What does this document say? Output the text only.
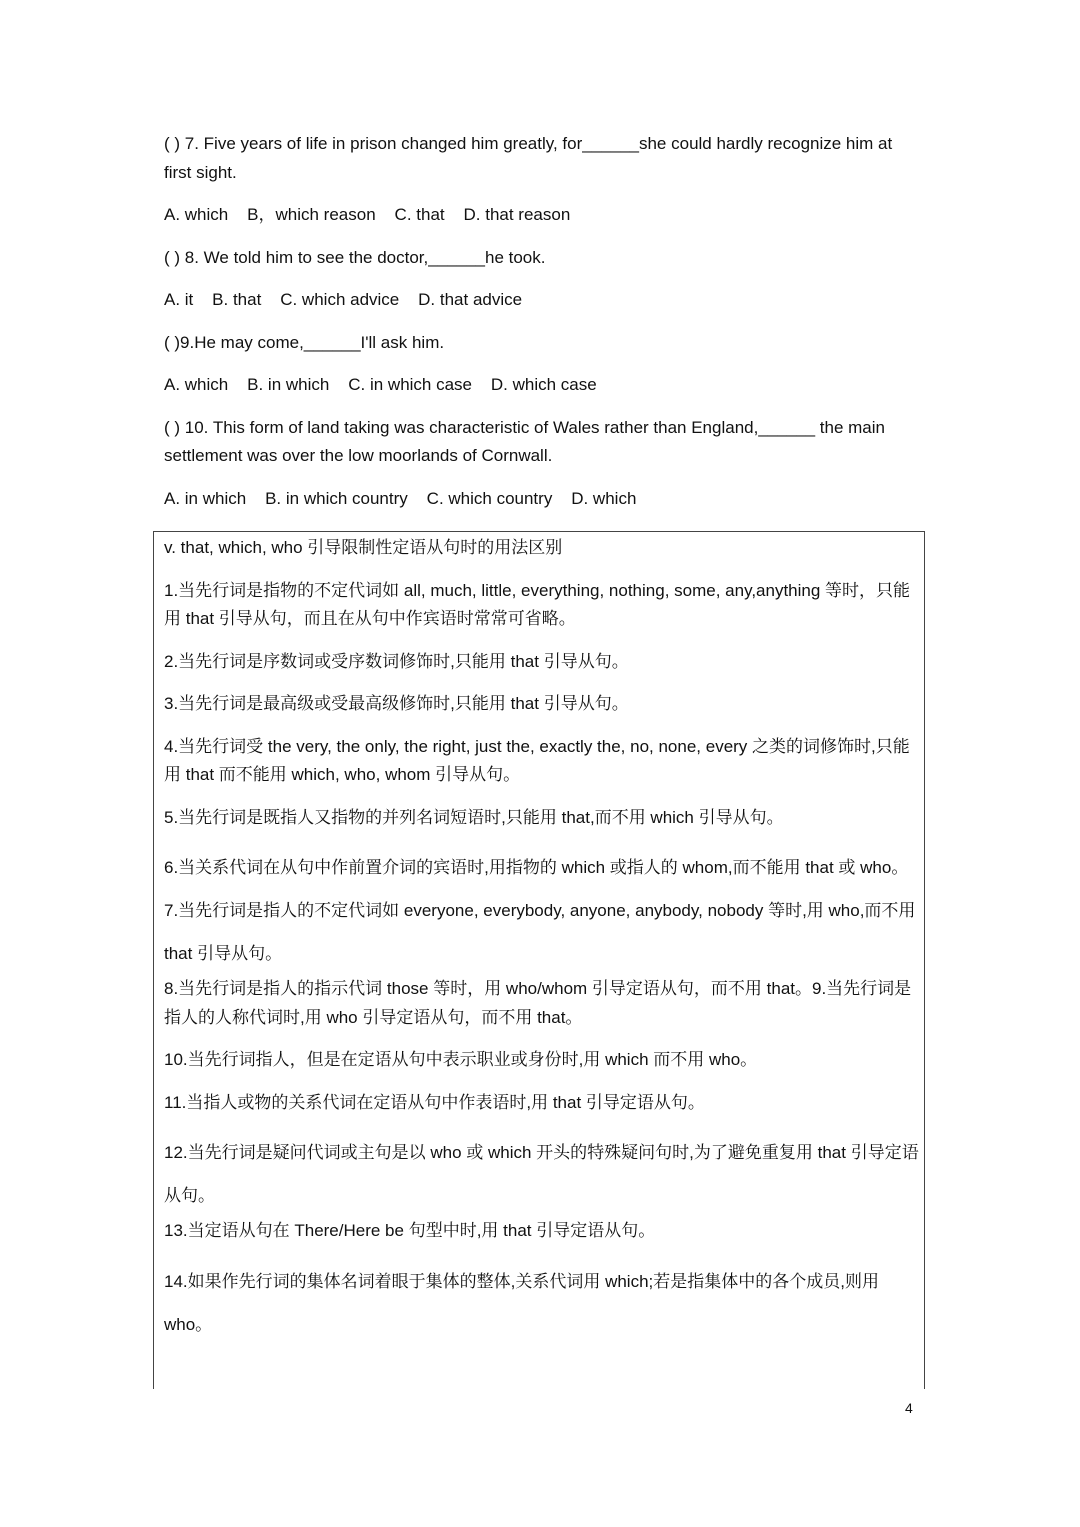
( ) 7. Five years of life in prison changed him greatly, for______she could hardly recognize him at first sight.
A. which    B，which reason    C. that    D. that reason
( ) 8. We told him to see the doctor,______he took.
A. it    B. that    C. which advice    D. that advice
( )9.He may come,______I'll ask him.
A. which    B. in which    C. in which case    D. which case
( ) 10. This form of land taking was characteristic of Wales rather than England,______ the main settlement was over the low moorlands of Cornwall.
A. in which    B. in which country    C. which country    D. which
v. that, which, who 引导限制性定语从句时的用法区别
1.当先行词是指物的不定代词如 all, much, little, everything, nothing, some, any,anything 等时，只能用 that 引导从句，而且在从句中作宾语时常常可省略。
2.当先行词是序数词或受序数词修饰时,只能用 that 引导从句。
3.当先行词是最高级或受最高级修饰时,只能用 that 引导从句。
4.当先行词受 the very, the only, the right, just the, exactly the, no, none, every 之类的词修饰时,只能用 that 而不能用 which, who, whom 引导从句。
5.当先行词是既指人又指物的并列名词短语时,只能用 that,而不用 which 引导从句。
6.当关系代词在从句中作前置介词的宾语时,用指物的 which 或指人的 whom,而不能用 that 或 who。
7.当先行词是指人的不定代词如 everyone, everybody, anyone, anybody, nobody 等时,用 who,而不用 that 引导从句。
8.当先行词是指人的指示代词 those 等时，用 who/whom 引导定语从句，而不用 that。9.当先行词是指人的人称代词时,用 who 引导定语从句，而不用 that。
10.当先行词指人，但是在定语从句中表示职业或身份时,用 which 而不用 who。
11.当指人或物的关系代词在定语从句中作表语时,用 that 引导定语从句。
12.当先行词是疑问代词或主句是以 who 或 which 开头的特殊疑问句时,为了避免重复用 that 引导定语从句。
13.当定语从句在 There/Here be 句型中时,用 that 引导定语从句。
14.如果作先行词的集体名词着眼于集体的整体,关系代词用 which;若是指集体中的各个成员,则用 who。
4
